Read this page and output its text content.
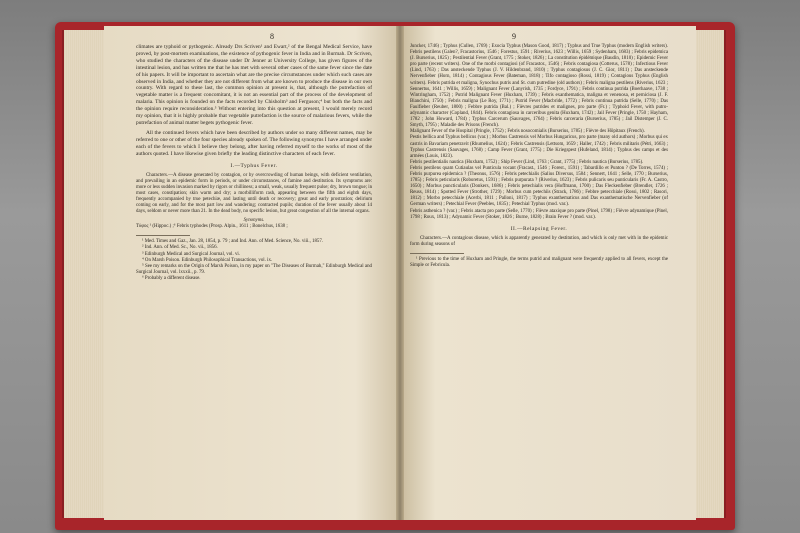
8

climates are typhoid or pythogenic. Already Drs Scriven¹ and Ewart,² of the Bengal Medical Service, have proved, by post-mortem examinations, the existence of pythogenic fever in India and in Burmah. Dr Scriven, who studied the characters of the disease under Dr Jenner at University College, has given figures of the intestinal lesion, and has written me that he has met with several other cases of the same fever since the date of his papers. It will be important to ascertain what are the precise circumstances under which such cases are observed in India, and whether they are not different from what are known to produce the disease in our own country. With regard to these last, the common opinion at present is, that, although the putrefaction of vegetable matter is a frequent concomitant, it is not an essential part of the process of the development of malaria. This opinion is founded on the facts recorded by Chisholm³ and Ferguson;⁴ but both the facts and the opinion require reconsideration.⁵ Without entering into this question at present, I would merely record my opinion, that it is highly probable that vegetable putrefaction is the source of malarious fevers, while the putrefaction of animal matter begets pythogenic fever.

All the continued fevers which have been described by authors under so many different names, may be referred to one or other of the four species already spoken of. The following synonyms I have arranged under each of the fevers to which I believe they belong, after having referred myself to the works of most of the authors quoted. I have likewise given briefly the leading distinctive characters of each fever.

I.—Typhus Fever.

Characters.—A disease generated by contagion, or by overcrowding of human beings, with deficient ventilation, and prevailing in an epidemic form in periods, or under circumstances, of famine and destitution. Its symptoms are: more or less sudden invasion marked by rigors or chilliness; a small, weak, usually frequent pulse; dry, brown tongue; in most cases, constipation; skin warm and dry; a morbilliform rash, appearing between the fifth and eighth days, frequently accompanied by true petechiæ, and lasting until death or recovery; great and early prostration; delirium coming on early, and for the most part low and wandering; contracted pupils; duration of the fever usually about 14 days, seldom or never more than 21. In the dead body, no specific lesion, but great congestion of all the internal organs.

Synonyms.

Τύφος ¹ (Hippoc.) ;⁶ Febris typhodes (Prosp. Alpin., 1611 ; Bonelchus, 1638 ;

¹ Med. Times and Gaz., Jan. 28, 1854, p. 79 ; and Ind. Ann. of Med. Science, No. viii., 1857.

² Ind. Ann. of Med. Sc., No. vii., 1856.

³ Edinburgh Medical and Surgical Journal, vol. vi.

⁴ On Marsh Poison. Edinburgh Philosophical Transactions, vol. ix.

⁵ See my remarks on the Origin of Marsh Poison, in my paper on "The Diseases of Burmah," Edinburgh Medical and Surgical Journal, vol. lxxxii., p. 79.

⁶ Probably a different disease.

9

Juncker, 1746) ; Typhus (Cullen, 1769) ; Exocia Typhus (Mason Good, 1817) ; Typhus and True Typhus (modern English writers). Febris pestilens (Galen?, Fracastorius, 1546 ; Forestus, 1591 ; Riverius, 1623 ; Willis, 1659 ; Sydenham, 1683) ; Febris epidemica (J. Burserius, 1825) ; Pestilential Fever (Grant, 1775 ; Stoker, 1826) ; La constitution épidémique (Baudin, 1810) ; Epidemic Fever pro parte (recent writers). One of the morbi contagiosi (of Fracastor., 1546) ; Febris contagiosa (Cotterus, 1578) ; Infectious Fever (Lind, 1763) ; Das ansteckende Typhus (J. V. Hildenbrand, 1810) ; Typhus contagiosus (J. C. Gior, 1811) ; Das ansteckende Nervenfieber (Horn, 1814) ; Contagious Fever (Bateman, 1818) ; Tifo contagioso (Rossi, 1819) ; Contagious Typhus (English writers). Febris putrida et maligna, Synochus putris and St. cum putredine (old authors) ; Febris maligna pestilens (Riverius, 1623 ; Sennertus, 1641 ; Willis, 1659) ; Malignant Fever (Lanyrish, 1735 ; Fordyce, 1791) ; Febris continua putrida (Boerhaave, 1738 ; Wintringham, 1752) ; Putrid Malignant Fever (Huxham, 1739) ; Febris exanthematica, maligna et venenosa, et perniciosa (J. F. Bianchini, 1750) ; Febris maligna (Le Roy, 1771) ; Putrid Fever (Macbride, 1772) ; Febris continua putrida (Selle, 1770) ; Das Faulfieber (Reuber, 1800) ; Febbre putrida (Bal.) ; Fièvres putrides et malignes, pro parte (Fr.) ; Typhoid Fever, with putro-adynamic character (Copland, 1844). Febris contagiosa in carceribus genita (Huxham, 1742) ; Jail Fever (Pringle, 1750 ; Hayham, 1782 ; John Howard, 1784) ; Typhus Carcerum (Sauvages, 1764) ; Febris carceraria (Burserius, 1785) ; Jail Distemper (J. C. Smyth, 1795) ; Maladie des Prisons (French).

Malignant Fever of the Hospital (Pringle, 1752) ; Febris nosocomialis (Burserius, 1785) ; Fièvre des Hôpitaux (French).

Pestis bellica and Typhus bellicus (var.) ; Morbus Castrensis vel Morbus Hungaricus, pro parte (many old authors) ; Morbus qui ex castris in Bavariam penetravit (Rhumelius, 1624) ; Febris Castrensis (Lettsom, 1659 ; Haller, 1742) ; Febris militaris (Pétri, 1663) ; Typhus Castrensis (Sauvages, 1768) ; Camp Fever (Grant, 1775) ; Die Kriegspest (Hufeland, 1814) ; Typhus des camps et des armées (Louis, 1823).

Febris pestilentialis nautica (Huxham, 1752) ; Ship Fever (Lind, 1763 ; Grant, 1775) ; Febris nautica (Burserius, 1785).

Febris pestilens quam Cutiaulas vel Punticula vocant (Fracast., 1546 ; Forest., 1591) ; Tabardillo et Punton ? (De Torres, 1574) ; Febris purpurea epidemica ? (Theonus, 1576) ; Febris petechialis (Salius Diversus, 1584 ; Sennert, 1641 ; Selle, 1770 ; Burserius, 1785) ; Febris peticularis (Roboretus, 1591) ; Febris purpurata ? (Riverius, 1623) ; Febris pulicaris seu punticularis (Fr. A. Castro, 1650) ; Morbus puncticularis (Donkers, 1686) ; Febris petechialis vera (Hoffmann, 1700) ; Das Fleckenfieber (Brendler, 1726 ; Reuss, 1814) ; Spotted Fever (Strother, 1729) ; Morbus cum petechiis (Strack, 1786) ; Febbre petecchiale (Rossi, 1802 ; Rasori, 1812) ; Morbo petecchiale (Acerbi, 1811 ; Palloni, 1817) ; Typhus exanthematicus and Das exanthematische Nervenfieber (of German writers) ; Petechial Fever (Peebles, 1835) ; Petechial Typhus (mod. var.).

Febris asthenica ? (var.) ; Febris atacta pro parte (Selle, 1770) ; Fièvre ataxique pro parte (Pinel, 1798) ; Fièvre adynamique (Pinel, 1798 ; Roux, 1813) ; Adynamic Fever (Stoker, 1826 ; Burne, 1828) ; Brain Fever ? (mod. var.).

II.—Relapsing Fever.

Characters.—A contagious disease, which is apparently generated by destitution, and which is only met with in the epidemic form during seasons of

¹ Previous to the time of Huxham and Pringle, the terms putrid and malignant were frequently applied to all fevers, except the Simple or Febricula.
